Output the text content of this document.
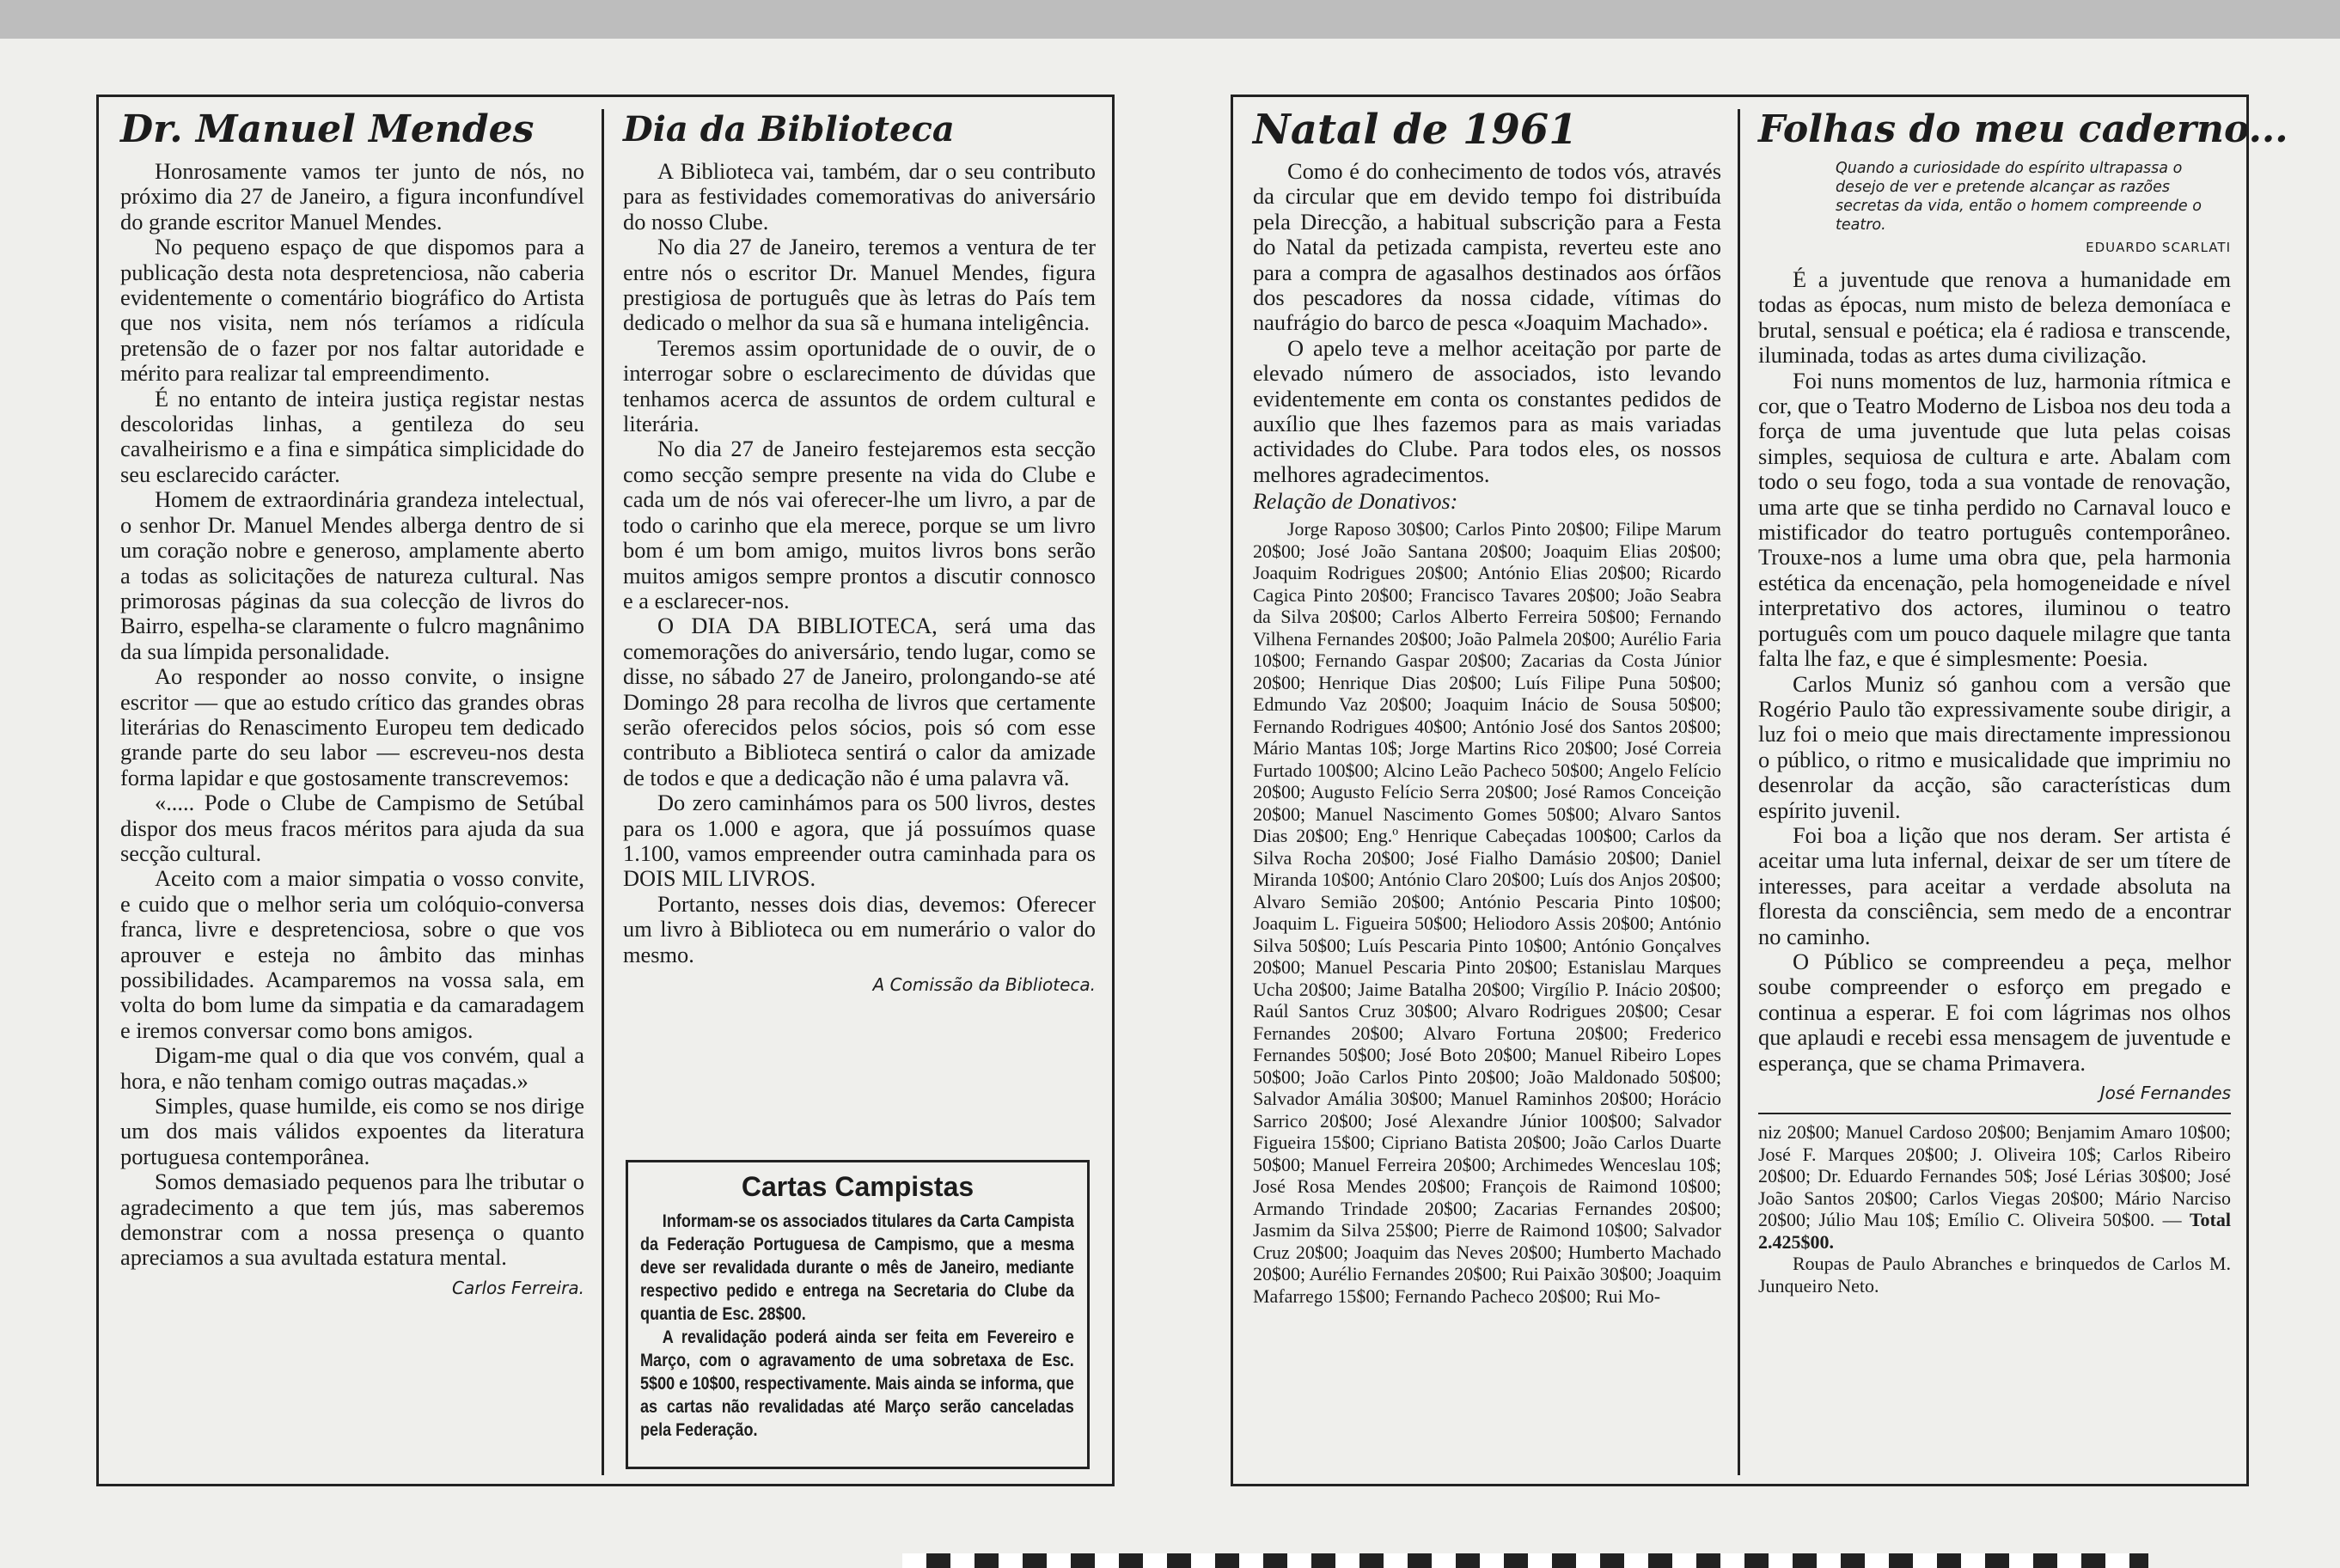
Dr. Manuel Mendes

Honrosamente vamos ter junto de nós, no próximo dia 27 de Janeiro, a figura inconfundível do grande escritor Manuel Mendes.

No pequeno espaço de que dispomos para a publicação desta nota despretenciosa, não caberia evidentemente o comentário biográfico do Artista que nos visita, nem nós teríamos a ridícula pretensão de o fazer por nos faltar autoridade e mérito para realizar tal empreendimento.

É no entanto de inteira justiça registar nestas descoloridas linhas, a gentileza do seu cavalheirismo e a fina e simpática simplicidade do seu esclarecido carácter.

Homem de extraordinária grandeza intelectual, o senhor Dr. Manuel Mendes alberga dentro de si um coração nobre e generoso, amplamente aberto a todas as solicitações de natureza cultural. Nas primorosas páginas da sua colecção de livros do Bairro, espelha-se claramente o fulcro magnânimo da sua límpida personalidade.

Ao responder ao nosso convite, o insigne escritor — que ao estudo crítico das grandes obras literárias do Renascimento Europeu tem dedicado grande parte do seu labor — escreveu-nos desta forma lapidar e que gostosamente transcrevemos:

«..... Pode o Clube de Campismo de Setúbal dispor dos meus fracos méritos para ajuda da sua secção cultural.

Aceito com a maior simpatia o vosso convite, e cuido que o melhor seria um colóquio-conversa franca, livre e despretenciosa, sobre o que vos aprouver e esteja no âmbito das minhas possibilidades. Acamparemos na vossa sala, em volta do bom lume da simpatia e da camaradagem e iremos conversar como bons amigos.

Digam-me qual o dia que vos convém, qual a hora, e não tenham comigo outras maçadas.»

Simples, quase humilde, eis como se nos dirige um dos mais válidos expoentes da literatura portuguesa contemporânea.

Somos demasiado pequenos para lhe tributar o agradecimento a que tem jús, mas saberemos demonstrar com a nossa presença o quanto apreciamos a sua avultada estatura mental.

Carlos Ferreira.
Dia da Biblioteca

A Biblioteca vai, também, dar o seu contributo para as festividades comemorativas do aniversário do nosso Clube.

No dia 27 de Janeiro, teremos a ventura de ter entre nós o escritor Dr. Manuel Mendes, figura prestigiosa de português que às letras do País tem dedicado o melhor da sua sã e humana inteligência.

Teremos assim oportunidade de o ouvir, de o interrogar sobre o esclarecimento de dúvidas que tenhamos acerca de assuntos de ordem cultural e literária.

No dia 27 de Janeiro festejaremos esta secção como secção sempre presente na vida do Clube e cada um de nós vai oferecer-lhe um livro, a par de todo o carinho que ela merece, porque se um livro bom é um bom amigo, muitos livros bons serão muitos amigos sempre prontos a discutir connosco e a esclarecer-nos.

O DIA DA BIBLIOTECA, será uma das comemorações do aniversário, tendo lugar, como se disse, no sábado 27 de Janeiro, prolongando-se até Domingo 28 para recolha de livros que certamente serão oferecidos pelos sócios, pois só com esse contributo a Biblioteca sentirá o calor da amizade de todos e que a dedicação não é uma palavra vã.

Do zero caminhámos para os 500 livros, destes para os 1.000 e agora, que já possuímos quase 1.100, vamos empreender outra caminhada para os DOIS MIL LIVROS.

Portanto, nesses dois dias, devemos: Oferecer um livro à Biblioteca ou em numerário o valor do mesmo.

A Comissão da Biblioteca.
Cartas Campistas

Informam-se os associados titulares da Carta Campista da Federação Portuguesa de Campismo, que a mesma deve ser revalidada durante o mês de Janeiro, mediante respectivo pedido e entrega na Secretaria do Clube da quantia de Esc. 28$00.

A revalidação poderá ainda ser feita em Fevereiro e Março, com o agravamento de uma sobretaxa de Esc. 5$00 e 10$00, respectivamente. Mais ainda se informa, que as cartas não revalidadas até Março serão canceladas pela Federação.

Natal de 1961

Como é do conhecimento de todos vós, através da circular que em devido tempo foi distribuída pela Direcção, a habitual subscrição para a Festa do Natal da petizada campista, reverteu este ano para a compra de agasalhos destinados aos órfãos dos pescadores da nossa cidade, vítimas do naufrágio do barco de pesca «Joaquim Machado».

O apelo teve a melhor aceitação por parte de elevado número de associados, isto levando evidentemente em conta os constantes pedidos de auxílio que lhes fazemos para as mais variadas actividades do Clube. Para todos eles, os nossos melhores agradecimentos.

Relação de Donativos:

Jorge Raposo 30$00; Carlos Pinto 20$00; Filipe Marum 20$00; José João Santana 20$00; Joaquim Elias 20$00; Joaquim Rodrigues 20$00; António Elias 20$00; Ricardo Cagica Pinto 20$00; Francisco Tavares 20$00; João Seabra da Silva 20$00; Carlos Alberto Ferreira 50$00; Fernando Vilhena Fernandes 20$00; João Palmela 20$00; Aurélio Faria 10$00; Fernando Gaspar 20$00; Zacarias da Costa Júnior 20$00; Henrique Dias 20$00; Luís Filipe Puna 50$00; Edmundo Vaz 20$00; Joaquim Inácio de Sousa 50$00; Fernando Rodrigues 40$00; António José dos Santos 20$00; Mário Mantas 10$; Jorge Martins Rico 20$00; José Correia Furtado 100$00; Alcino Leão Pacheco 50$00; Angelo Felício 20$00; Augusto Felício Serra 20$00; José Ramos Conceição 20$00; Manuel Nascimento Gomes 50$00; Alvaro Santos Dias 20$00; Eng.º Henrique Cabeçadas 100$00; Carlos da Silva Rocha 20$00; José Fialho Damásio 20$00; Daniel Miranda 10$00; António Claro 20$00; Luís dos Anjos 20$00; Alvaro Semião 20$00; António Pescaria Pinto 10$00; Joaquim L. Figueira 50$00; Heliodoro Assis 20$00; António Silva 50$00; Luís Pescaria Pinto 10$00; António Gonçalves 20$00; Manuel Pescaria Pinto 20$00; Estanislau Marques Ucha 20$00; Jaime Batalha 20$00; Virgílio P. Inácio 20$00; Raúl Santos Cruz 30$00; Alvaro Rodrigues 20$00; Cesar Fernandes 20$00; Alvaro Fortuna 20$00; Frederico Fernandes 50$00; José Boto 20$00; Manuel Ribeiro Lopes 50$00; João Carlos Pinto 20$00; João Maldonado 50$00; Salvador Amália 30$00; Manuel Raminhos 20$00; Horácio Sarrico 20$00; José Alexandre Júnior 100$00; Salvador Figueira 15$00; Cipriano Batista 20$00; João Carlos Duarte 50$00; Manuel Ferreira 20$00; Archimedes Wenceslau 10$; José Rosa Mendes 20$00; François de Raimond 10$00; Armando Trindade 20$00; Zacarias Fernandes 20$00; Jasmim da Silva 25$00; Pierre de Raimond 10$00; Salvador Cruz 20$00; Joaquim das Neves 20$00; Humberto Machado 20$00; Aurélio Fernandes 20$00; Rui Paixão 30$00; Joaquim Mafarrego 15$00; Fernando Pacheco 20$00; Rui Mo-

Folhas do meu caderno...
Quando a curiosidade do espírito ultrapassa o desejo de ver e pretende alcançar as razões secretas da vida, então o homem compreende o teatro.
EDUARDO SCARLATI

É a juventude que renova a humanidade em todas as épocas, num misto de beleza demoníaca e brutal, sensual e poética; ela é radiosa e transcende, iluminada, todas as artes duma civilização.

Foi nuns momentos de luz, harmonia rítmica e cor, que o Teatro Moderno de Lisboa nos deu toda a força de uma juventude que luta pelas coisas simples, sequiosa de cultura e arte. Abalam com todo o seu fogo, toda a sua vontade de renovação, uma arte que se tinha perdido no Carnaval louco e mistificador do teatro português contemporâneo. Trouxe-nos a lume uma obra que, pela harmonia estética da encenação, pela homogeneidade e nível interpretativo dos actores, iluminou o teatro português com um pouco daquele milagre que tanta falta lhe faz, e que é simplesmente: Poesia.

Carlos Muniz só ganhou com a versão que Rogério Paulo tão expressivamente soube dirigir, a luz foi o meio que mais directamente impressionou o público, o ritmo e musicalidade que imprimiu no desenrolar da acção, são características dum espírito juvenil.

Foi boa a lição que nos deram. Ser artista é aceitar uma luta infernal, deixar de ser um títere de interesses, para aceitar a verdade absoluta na floresta da consciência, sem medo de a encontrar no caminho.

O Público se compreendeu a peça, melhor soube compreender o esforço em pregado e continua a esperar. E foi com lágrimas nos olhos que aplaudi e recebi essa mensagem de juventude e esperança, que se chama Primavera.

José Fernandes

niz 20$00; Manuel Cardoso 20$00; Benjamim Amaro 10$00; José F. Marques 20$00; J. Oliveira 10$; Carlos Ribeiro 20$00; Dr. Eduardo Fernandes 50$; José Lérias 30$00; José João Santos 20$00; Carlos Viegas 20$00; Mário Narciso 20$00; Júlio Mau 10$; Emílio C. Oliveira 50$00. — Total 2.425$00.

Roupas de Paulo Abranches e brinquedos de Carlos M. Junqueiro Neto.
